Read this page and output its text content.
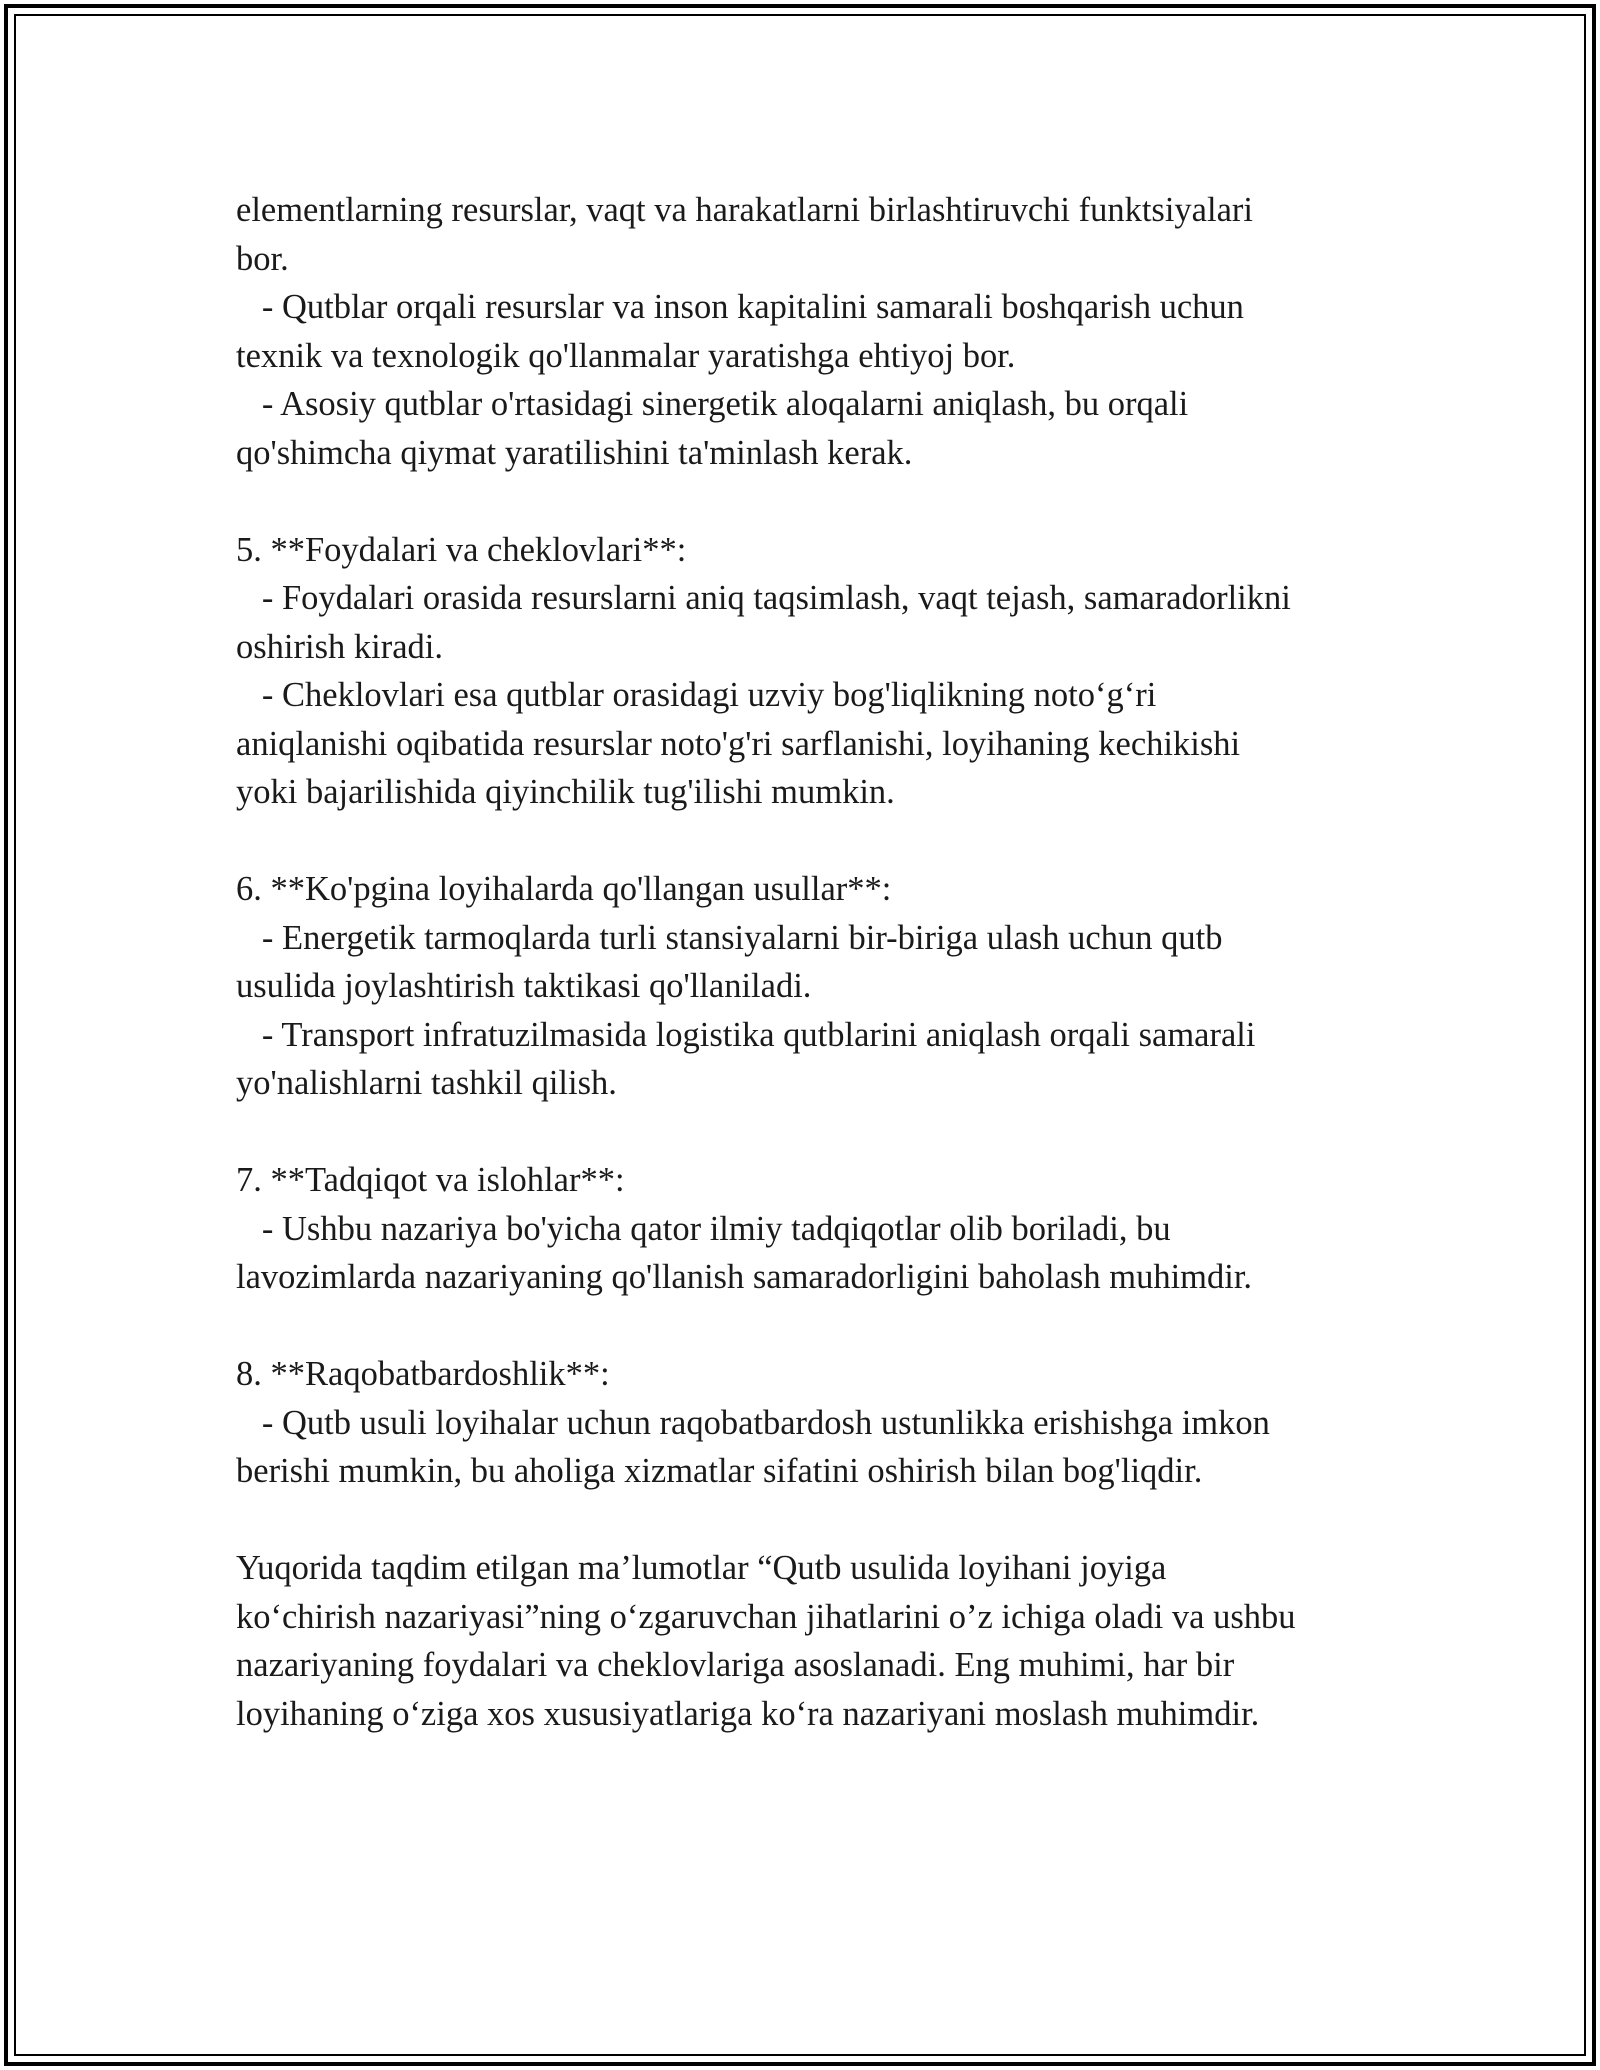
elementlarning resurslar, vaqt va harakatlarni birlashtiruvchi funktsiyalari
bor.
- Qutblar orqali resurslar va inson kapitalini samarali boshqarish uchun
texnik va texnologik qo'llanmalar yaratishga ehtiyoj bor.
- Asosiy qutblar o'rtasidagi sinergetik aloqalarni aniqlash, bu orqali
qo'shimcha qiymat yaratilishini ta'minlash kerak.
5. **Foydalari va cheklovlari**:
- Foydalari orasida resurslarni aniq taqsimlash, vaqt tejash, samaradorlikni
oshirish kiradi.
- Cheklovlari esa qutblar orasidagi uzviy bog'liqlikning noto‘g‘ri
aniqlanishi oqibatida resurslar noto'g'ri sarflanishi, loyihaning kechikishi
yoki bajarilishida qiyinchilik tug'ilishi mumkin.
6. **Ko'pgina loyihalarda qo'llangan usullar**:
- Energetik tarmoqlarda turli stansiyalarni bir-biriga ulash uchun qutb
usulida joylashtirish taktikasi qo'llaniladi.
- Transport infratuzilmasida logistika qutblarini aniqlash orqali samarali
yo'nalishlarni tashkil qilish.
7. **Tadqiqot va islohlar**:
- Ushbu nazariya bo'yicha qator ilmiy tadqiqotlar olib boriladi, bu
lavozimlarda nazariyaning qo'llanish samaradorligini baholash muhimdir.
8. **Raqobatbardoshlik**:
- Qutb usuli loyihalar uchun raqobatbardosh ustunlikka erishishga imkon
berishi mumkin, bu aholiga xizmatlar sifatini oshirish bilan bog'liqdir.
Yuqorida taqdim etilgan ma’lumotlar “Qutb usulida loyihani joyiga
ko‘chirish nazariyasi”ning o‘zgaruvchan jihatlarini o’z ichiga oladi va ushbu
nazariyaning foydalari va cheklovlariga asoslanadi. Eng muhimi, har bir
loyihaning o‘ziga xos xususiyatlariga ko‘ra nazariyani moslash muhimdir.
